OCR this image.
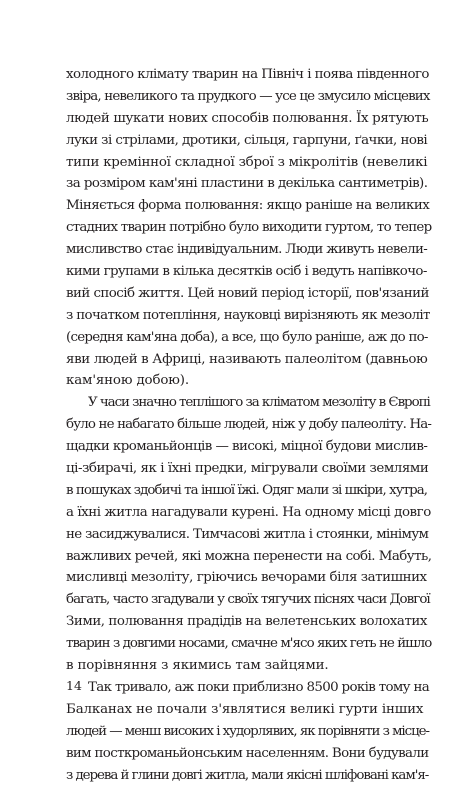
холодного клімату тварин на Північ і поява південного
звіра, невеликого та прудкого — усе це змусило місцевих
людей шукати нових способів полювання. Їх рятують
луки зі стрілами, дротики, сільця, гарпуни, ґачки, нові
типи кремінної складної зброї з мікролітів (невеликі
за розміром кам'яні пластини в декілька сантиметрів).
Міняється форма полювання: якщо раніше на великих
стадних тварин потрібно було виходити гуртом, то тепер
мисливство стає індивідуальним. Люди живуть невели-
кими групами в кілька десятків осіб і ведуть напівкочо-
вий спосіб життя. Цей новий період історії, пов'язаний
з початком потепління, науковці вирізняють як мезоліт
(середня кам'яна доба), а все, що було раніше, аж до по-
яви людей в Африці, називають палеолітом (давньою
кам'яною добою).
У часи значно теплішого за кліматом мезоліту в Європі
було не набагато більше людей, ніж у добу палеоліту. На-
щадки кроманьйонців — високі, міцної будови мислив-
ці-збирачі, як і їхні предки, мігрували своїми землями
в пошуках здобичі та іншої їжі. Одяг мали зі шкіри, хутра,
а їхні житла нагадували курені. На одному місці довго
не засиджувалися. Тимчасові житла і стоянки, мінімум
важливих речей, які можна перенести на собі. Мабуть,
мисливці мезоліту, гріючись вечорами біля затишних
багать, часто згадували у своїх тягучих піснях часи Довгої
Зими, полювання прадідів на велетенських волохатих
тварин з довгими носами, смачне м'ясо яких геть не йшло
в порівняння з якимись там зайцями.
Так тривало, аж поки приблизно 8500 років тому на
Балканах не почали з'являтися великі гурти інших
людей — менш високих і худорлявих, як порівняти з місце-
вим посткроманьйонським населенням. Вони будували
з дерева й глини довгі житла, мали якісні шліфовані кам'я-
14
